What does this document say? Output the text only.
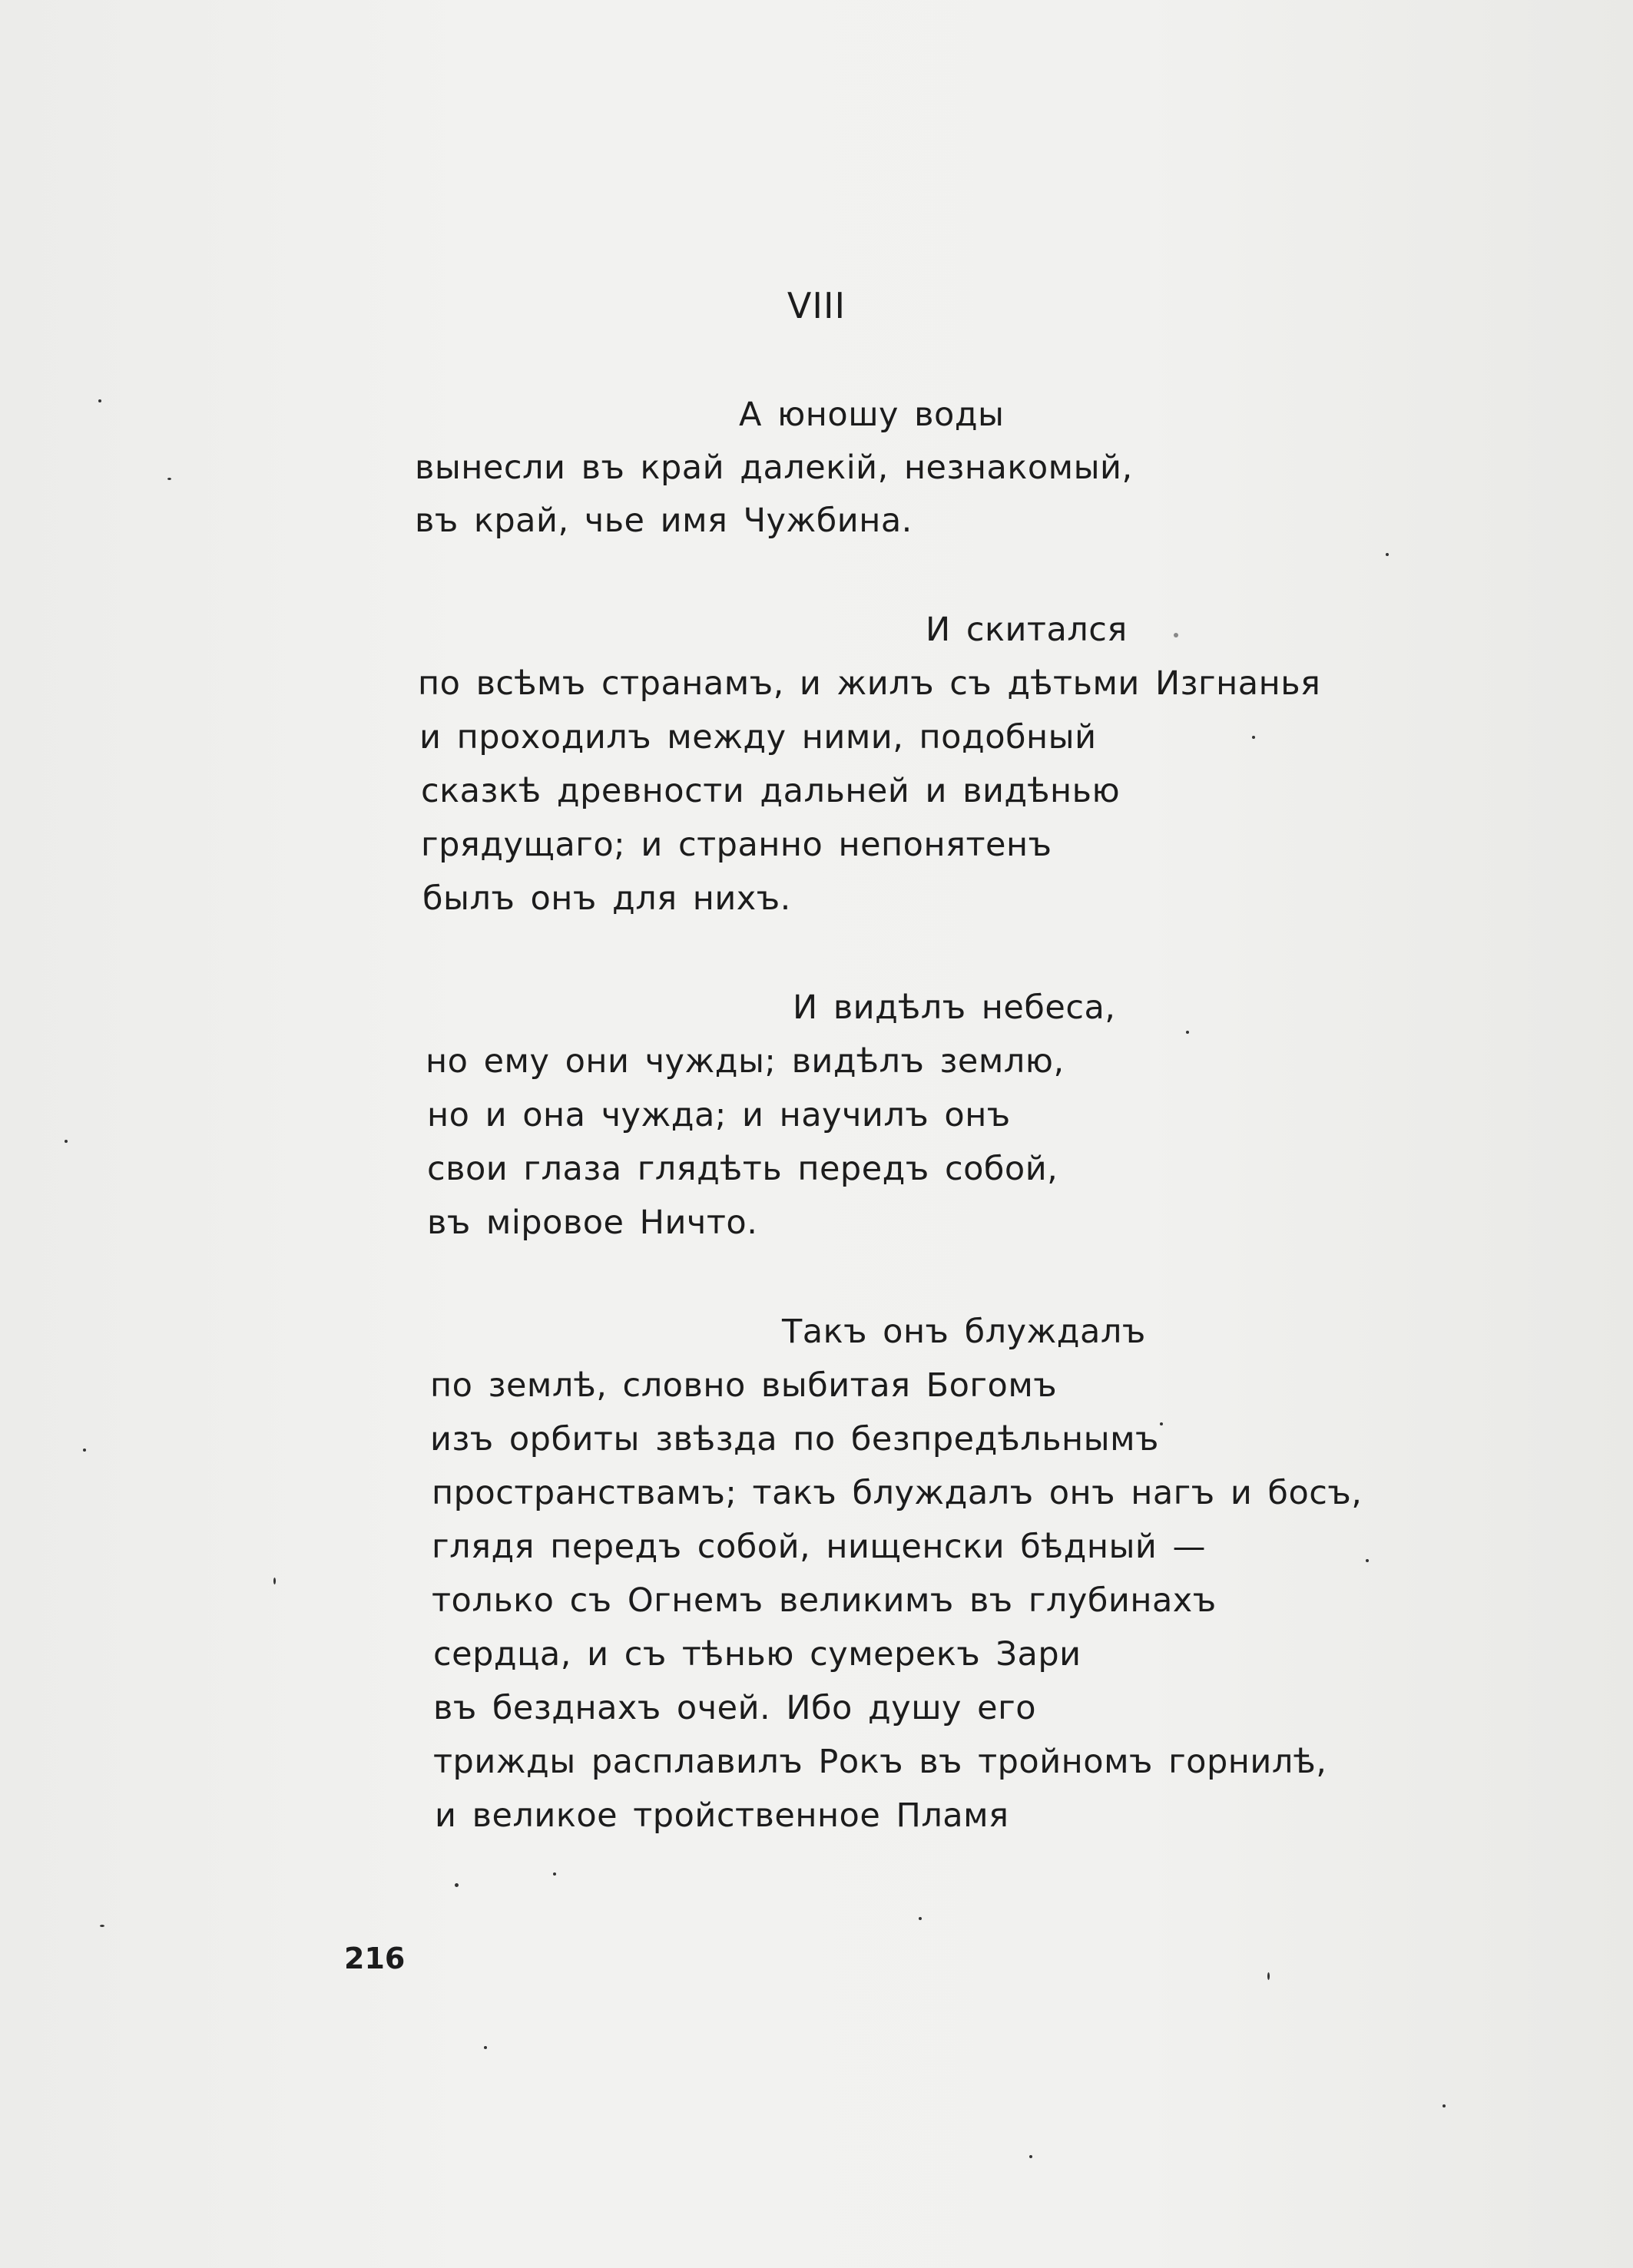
VIII
А юношу воды
вынесли въ край далекій, незнакомый,
въ край, чье имя Чужбина.
И скитался
по всѣмъ странамъ, и жилъ съ дѣтьми Изгнанья
и проходилъ между ними, подобный
сказкѣ древности дальней и видѣнью
грядущаго; и странно непонятенъ
былъ онъ для нихъ.
И видѣлъ небеса,
но ему они чужды; видѣлъ землю,
но и она чужда; и научилъ онъ
свои глаза глядѣть передъ собой,
въ міровое Ничто.
Такъ онъ блуждалъ
по землѣ, словно выбитая Богомъ
изъ орбиты звѣзда по безпредѣльнымъ
пространствамъ; такъ блуждалъ онъ нагъ и босъ,
глядя передъ собой, нищенски бѣдный —
только съ Огнемъ великимъ въ глубинахъ
сердца, и съ тѣнью сумерекъ Зари
въ безднахъ очей. Ибо душу его
трижды расплавилъ Рокъ въ тройномъ горнилѣ,
и великое тройственное Пламя
216
